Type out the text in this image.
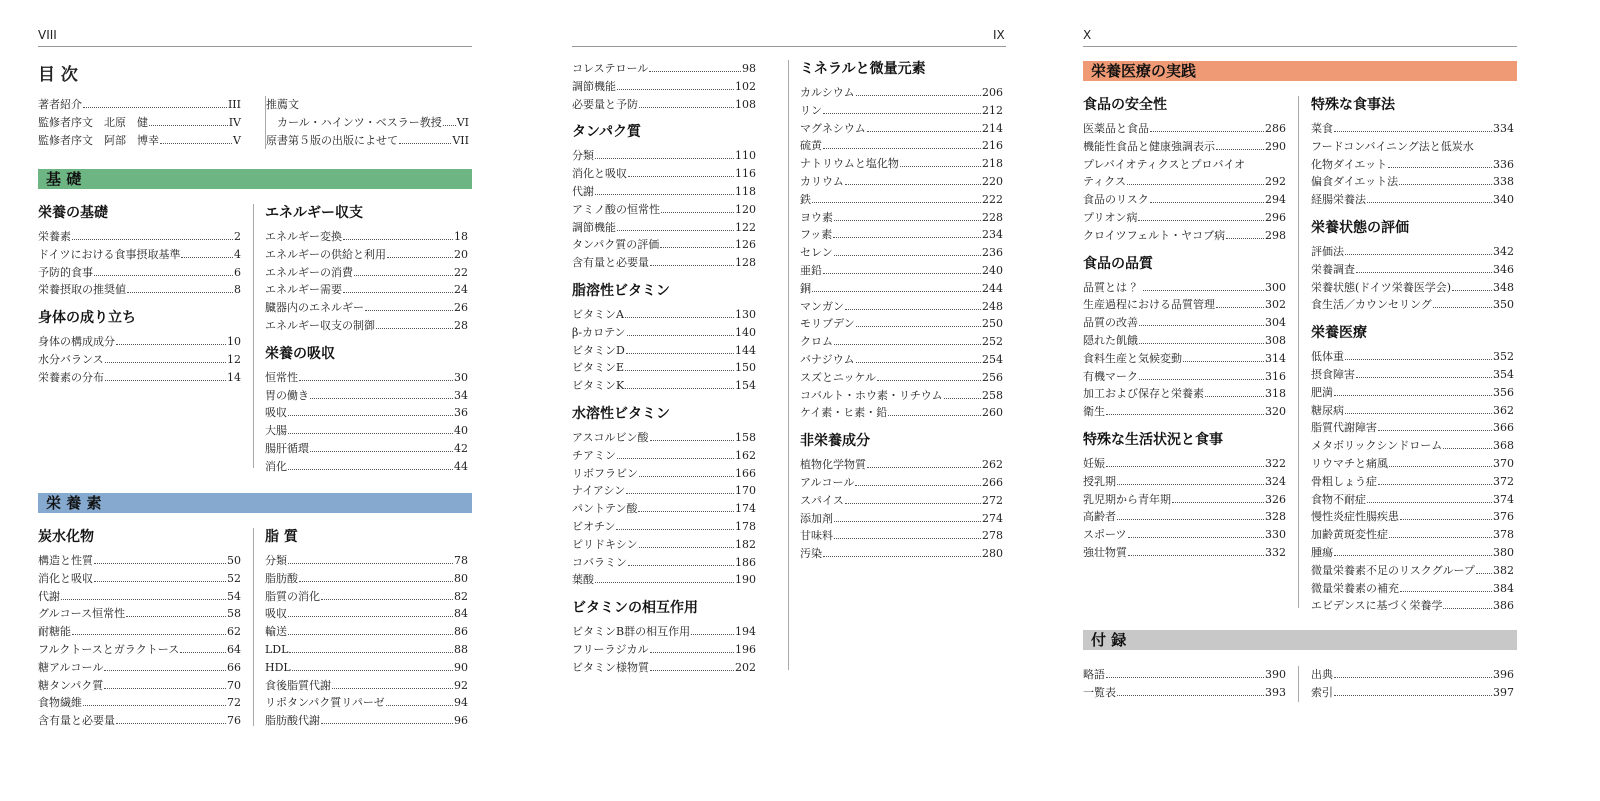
VIII
目 次
著者紹介	III
監修者序文　北原　健	IV
監修者序文　阿部　博幸	V
推薦文
　カール・ハインツ・ベスラー教授 VI
原書第５版の出版によせて	VII
基 礎
栄養の基礎
栄養素	2
ドイツにおける食事摂取基準	4
予防的食事	6
栄養摂取の推奨値	8
身体の成り立ち
身体の構成成分	10
水分バランス	12
栄養素の分布	14
エネルギー収支
エネルギー変換	18
エネルギーの供給と利用	20
エネルギーの消費	22
エネルギー需要	24
臓器内のエネルギー	26
エネルギー収支の制御	28
栄養の吸収
恒常性	30
胃の働き	34
吸収	36
大腸	40
腸肝循環	42
消化	44
栄 養 素
炭水化物
構造と性質	50
消化と吸収	52
代謝	54
グルコース恒常性	58
耐糖能	62
フルクトースとガラクトース	64
糖アルコール	66
糖タンパク質	70
食物繊維	72
含有量と必要量	76
脂 質
分類	78
脂肪酸	80
脂質の消化	82
吸収	84
輸送	86
LDL	88
HDL	90
食後脂質代謝	92
リポタンパク質リパーゼ	94
脂肪酸代謝	96
IX
コレステロール	98
調節機能	102
必要量と予防	108
タンパク質
分類	110
消化と吸収	116
代謝	118
アミノ酸の恒常性	120
調節機能	122
タンパク質の評価	126
含有量と必要量	128
脂溶性ビタミン
ビタミンA	130
β-カロテン	140
ビタミンD	144
ビタミンE	150
ビタミンK	154
水溶性ビタミン
アスコルビン酸	158
チアミン	162
リボフラビン	166
ナイアシン	170
パントテン酸	174
ビオチン	178
ピリドキシン	182
コバラミン	186
葉酸	190
ビタミンの相互作用
ビタミンB群の相互作用	194
フリーラジカル	196
ビタミン様物質	202
ミネラルと微量元素
カルシウム	206
リン	212
マグネシウム	214
硫黄	216
ナトリウムと塩化物	218
カリウム	220
鉄	222
ヨウ素	228
フッ素	234
セレン	236
亜鉛	240
銅	244
マンガン	248
モリブデン	250
クロム	252
バナジウム	254
スズとニッケル	256
コバルト・ホウ素・リチウム	258
ケイ素・ヒ素・鉛	260
非栄養成分
植物化学物質	262
アルコール	266
スパイス	272
添加剤	274
甘味料	278
汚染	280
X
栄養医療の実践
食品の安全性
医薬品と食品	286
機能性食品と健康強調表示	290
プレバイオティクスとプロバイオ
ティクス	292
食品のリスク	294
プリオン病	296
クロイツフェルト・ヤコブ病	298
食品の品質
品質とは ？	300
生産過程における品質管理	302
品質の改善	304
隠れた飢餓	308
食料生産と気候変動	314
有機マーク	316
加工および保存と栄養素	318
衛生	320
特殊な生活状況と食事
妊娠	322
授乳期	324
乳児期から青年期	326
高齢者	328
スポーツ	330
強壮物質	332
特殊な食事法
菜食	334
フードコンバイニング法と低炭水
化物ダイエット	336
偏食ダイエット法	338
経腸栄養法	340
栄養状態の評価
評価法	342
栄養調査	346
栄養状態(ドイツ栄養医学会)	348
食生活／カウンセリング	350
栄養医療
低体重	352
摂食障害	354
肥満	356
糖尿病	362
脂質代謝障害	366
メタボリックシンドローム	368
リウマチと痛風	370
骨粗しょう症	372
食物不耐症	374
慢性炎症性腸疾患	376
加齢黄斑変性症	378
腫瘍	380
微量栄養素不足のリスクグループ 382
微量栄養素の補充	384
エビデンスに基づく栄養学	386
付 録
略語	390
一覧表	393
出典	396
索引	397
